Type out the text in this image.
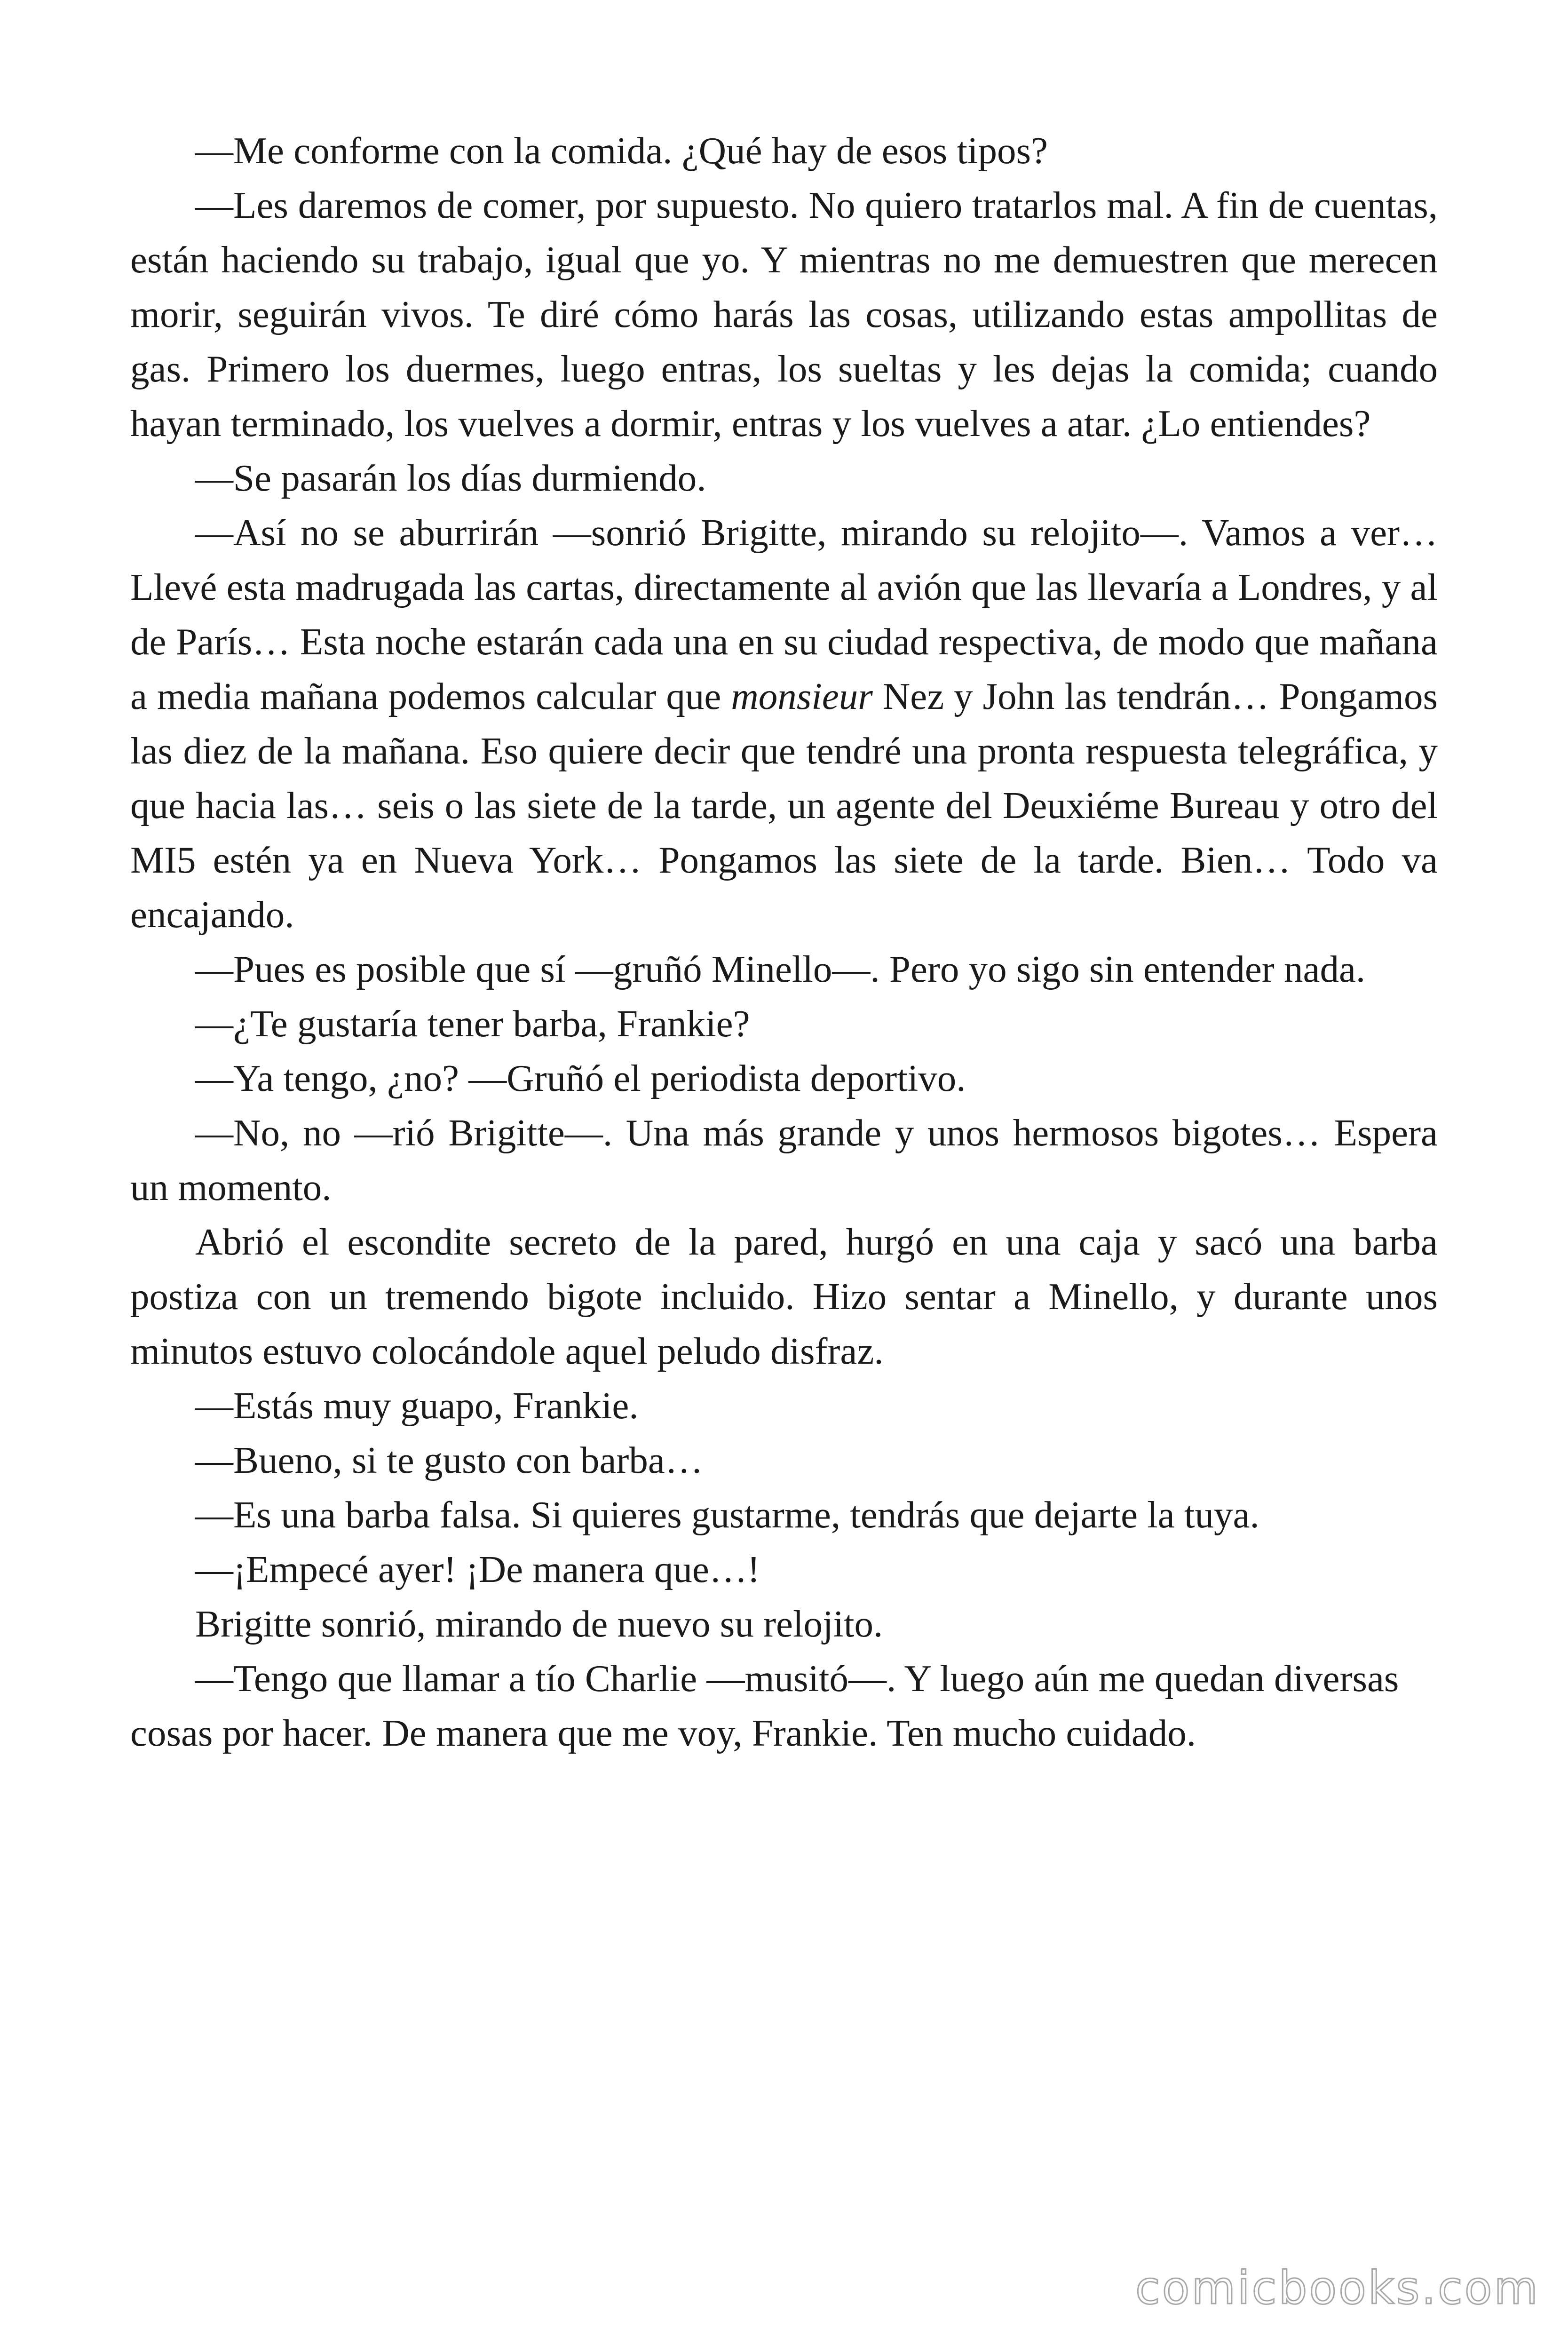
—Me conforme con la comida. ¿Qué hay de esos tipos?

—Les daremos de comer, por supuesto. No quiero tratarlos mal. A fin de cuentas, están haciendo su trabajo, igual que yo. Y mientras no me demuestren que merecen morir, seguirán vivos. Te diré cómo harás las cosas, utilizando estas ampollitas de gas. Primero los duermes, luego entras, los sueltas y les dejas la comida; cuando hayan terminado, los vuelves a dormir, entras y los vuelves a atar. ¿Lo entiendes?

—Se pasarán los días durmiendo.

—Así no se aburrirán —sonrió Brigitte, mirando su relojito—. Vamos a ver… Llevé esta madrugada las cartas, directamente al avión que las llevaría a Londres, y al de París… Esta noche estarán cada una en su ciudad respectiva, de modo que mañana a media mañana podemos calcular que monsieur Nez y John las tendrán… Pongamos las diez de la mañana. Eso quiere decir que tendré una pronta respuesta telegráfica, y que hacia las… seis o las siete de la tarde, un agente del Deuxiéme Bureau y otro del MI5 estén ya en Nueva York… Pongamos las siete de la tarde. Bien… Todo va encajando.

—Pues es posible que sí —gruñó Minello—. Pero yo sigo sin entender nada.

—¿Te gustaría tener barba, Frankie?

—Ya tengo, ¿no? —Gruñó el periodista deportivo.

—No, no —rió Brigitte—. Una más grande y unos hermosos bigotes… Espera un momento.

Abrió el escondite secreto de la pared, hurgó en una caja y sacó una barba postiza con un tremendo bigote incluido. Hizo sentar a Minello, y durante unos minutos estuvo colocándole aquel peludo disfraz.

—Estás muy guapo, Frankie.

—Bueno, si te gusto con barba…

—Es una barba falsa. Si quieres gustarme, tendrás que dejarte la tuya.

—¡Empecé ayer! ¡De manera que…!

Brigitte sonrió, mirando de nuevo su relojito.

—Tengo que llamar a tío Charlie —musitó—. Y luego aún me quedan diversas cosas por hacer. De manera que me voy, Frankie. Ten mucho cuidado.

comicbooks.com
